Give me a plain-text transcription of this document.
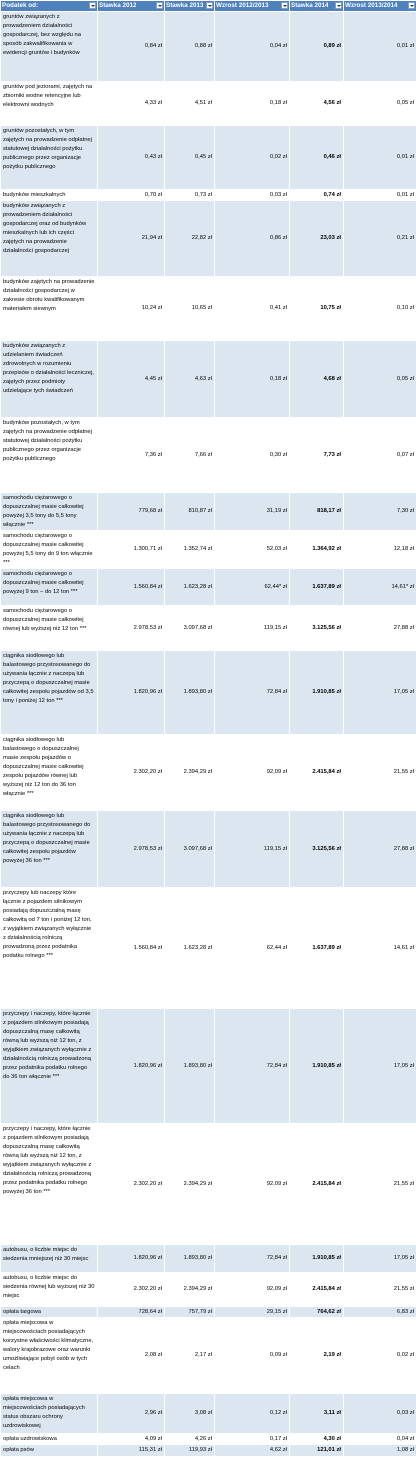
Podatek od:	Stawka 2012	Stawka 2013	Wzrost 2012/2013	Stawka 2014	Wzrost 2013/2014

gruntów związanych z prowadzeniem działalności gospodarczej, bez względu na sposób zakwalifikowania w ewidencji gruntów i budynków	0,84 zł	0,88 zł	0,04 zł	0,89 zł	0,01 zł
gruntów pod jeziorami, zajętych na zbiorniki wodne retencyjne lub elektrowni wodnych	4,33 zł	4,51 zł	0,18 zł	4,56 zł	0,05 zł
gruntów pozostałych, w tym zajętych na prowadzenie odpłatnej statutowej działalności pożytku publicznego przez organizacje pożytku publicznego	0,43 zł	0,45 zł	0,02 zł	0,46 zł	0,01 zł
budynków mieszkalnych	0,70 zł	0,73 zł	0,03 zł	0,74 zł	0,01 zł
budynków związanych z prowadzeniem działalności gospodarczej oraz od budynków mieszkalnych lub ich części zajętych na prowadzenie działalności gospodarczej	21,94 zł	22,82 zł	0,86 zł	23,03 zł	0,21 zł
budynków zajętych na prowadzenie działalności gospodarczej w zakresie obrotu kwalifikowanym materiałem siewnym	10,24 zł	10,65 zł	0,41 zł	10,75 zł	0,10 zł
budynków związanych z udzielaniem świadczeń zdrowotnych w rozumieniu przepisów o działalności leczniczej, zajętych przez podmioty udzielające tych świadczeń	4,45 zł	4,63 zł	0,18 zł	4,68 zł	0,05 zł
budynków pozostałych, w tym zajętych na prowadzenie odpłatnej statutowej działalności pożytku publicznego przez organizacje pożytku publicznego	7,36 zł	7,66 zł	0,30 zł	7,73 zł	0,07 zł
samochodu ciężarowego o dopuszczalnej masie całkowitej powyżej 3,5 tony do 5,5 tony włącznie ***	779,68 zł	810,87 zł	31,19 zł	818,17 zł	7,30 zł
samochodu ciężarowego o dopuszczalnej masie całkowitej powyżej 5,5 tony do 9 ton włącznie ***	1.300,71 zł	1.352,74 zł	52,03 zł	1.364,92 zł	12,18 zł
samochodu ciężarowego o dopuszczalnej masie całkowitej powyżej 9 ton – do 12 ton ***	1.560,84 zł	1.623,28 zł	62,44* zł	1.637,89 zł	14,61* zł
samochodu ciężarowego o dopuszczalnej masie całkowitej równej lub wyższej niż 12 ton ***	2.978,53 zł	3.097,68 zł	119,15 zł	3.125,56 zł	27,88 zł
ciągnika siodłowego lub balastowego przystosowanego do używania łącznie z naczepą lub przyczepą o dopuszczalnej masie całkowitej zespołu pojazdów od 3,5 tony i poniżej 12 ton ***	1.820,96 zł	1.893,80 zł	72,84 zł	1.910,85 zł	17,05 zł
ciągnika siodłowego lub balastowego o dopuszczalnej masie zespołu pojazdów o dopuszczalnej masie całkowitej zespołu pojazdów równej lub wyższej niż 12 ton do 36 ton włącznie ***	2.302,20 zł	2.394,29 zł	92,09 zł	2.415,84 zł	21,55 zł
ciągnika siodłowego lub balastowego przystosowanego do używania łącznie z naczepą lub przyczepą o dopuszczalnej masie całkowitej zespołu pojazdów powyżej 36 ton ***	2.978,53 zł	3.097,68 zł	119,15 zł	3.125,56 zł	27,88 zł
przyczepy lub naczepy które łącznie z pojazdem silnikowym posiadają dopuszczalną masę całkowitą od 7 ton i poniżej 12 ton, z wyjątkiem związanych wyłącznie z działalnością rolniczą prowadzoną przez podatnika podatku rolnego ***	1.560,84 zł	1.623,28 zł	62,44 zł	1.637,89 zł	14,61 zł
przyczepy i naczepy, które łącznie z pojazdem silnikowym posiadają dopuszczalną masę całkowitą równą lub wyższą niż 12 ton, z wyjątkiem związanych wyłącznie z działalnością rolniczą prowadzoną przez podatnika podatku rolnego do 36 ton włącznie ***	1.820,96 zł	1.893,80 zł	72,84 zł	1.910,85 zł	17,05 zł
przyczepy i naczepy, które łącznie z pojazdem silnikowym posiadają dopuszczalną masę całkowitą równą lub wyższą niż 12 ton, z wyjątkiem związanych wyłącznie z działalnością rolniczą prowadzoną przez podatnika podatku rolnego powyżej 36 ton ***	2.302,20 zł	2.394,29 zł	92,09 zł	2.415,84 zł	21,55 zł
autobusu, o liczbie miejsc do siedzenia mniejszej niż 30 miejsc	1.820,96 zł	1.893,80 zł	72,84 zł	1.910,85 zł	17,05 zł
autobusu, o liczbie miejsc do siedzenia równej lub wyższej niż 30 miejsc	2.302,20 zł	2.394,29 zł	92,09 zł	2.415,84 zł	21,55 zł
opłata targowa	728,64 zł	757,79 zł	29,15 zł	764,62 zł	6,83 zł
opłata miejscowa w miejscowościach posiadających korzystne właściwości klimatyczne, walory krajobrazowe oraz warunki umożliwiające pobyt osób w tych celach	2,08 zł	2,17 zł	0,09 zł	2,19 zł	0,02 zł
opłata miejscowa w miejscowościach posiadających status obszaru ochrony uzdrowiskowej	2,96 zł	3,08 zł	0,12 zł	3,11 zł	0,03 zł
opłata uzdrowiskowa	4,09 zł	4,26 zł	0,17 zł	4,30 zł	0,04 zł
opłata psów	115,31 zł	119,93 zł	4,62 zł	121,01 zł	1,08 zł
